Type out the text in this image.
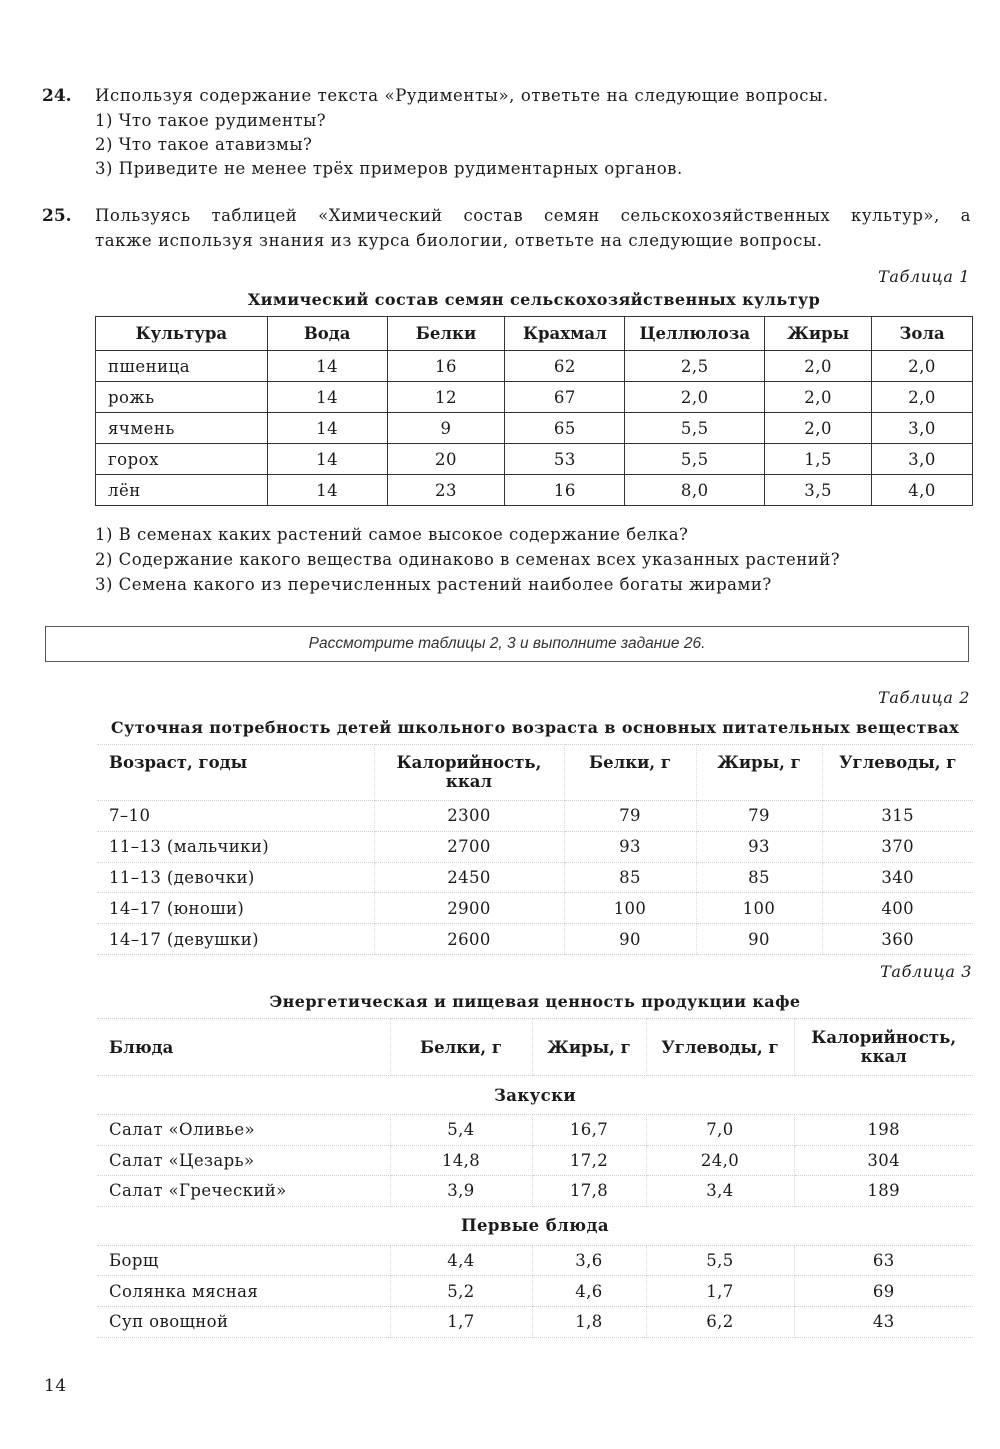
24. Используя содержание текста «Рудименты», ответьте на следующие вопросы.
1) Что такое рудименты?
2) Что такое атавизмы?
3) Приведите не менее трёх примеров рудиментарных органов.
25. Пользуясь таблицей «Химический состав семян сельскохозяйственных культур», а
также используя знания из курса биологии, ответьте на следующие вопросы.
Таблица 1
Химический состав семян сельскохозяйственных культур
Культура	Вода	Белки	Крахмал	Целлюлоза	Жиры	Зола
пшеница	14	16	62	2,5	2,0	2,0
рожь	14	12	67	2,0	2,0	2,0
ячмень	14	9	65	5,5	2,0	3,0
горох	14	20	53	5,5	1,5	3,0
лён	14	23	16	8,0	3,5	4,0
1) В семенах каких растений самое высокое содержание белка?
2) Содержание какого вещества одинаково в семенах всех указанных растений?
3) Семена какого из перечисленных растений наиболее богаты жирами?
Рассмотрите таблицы 2, 3 и выполните задание 26.
Таблица 2
Суточная потребность детей школьного возраста в основных питательных веществах
Возраст, годы	Калорийность, ккал	Белки, г	Жиры, г	Углеводы, г
7–10	2300	79	79	315
11–13 (мальчики)	2700	93	93	370
11–13 (девочки)	2450	85	85	340
14–17 (юноши)	2900	100	100	400
14–17 (девушки)	2600	90	90	360
Таблица 3
Энергетическая и пищевая ценность продукции кафе
Блюда	Белки, г	Жиры, г	Углеводы, г	Калорийность, ккал
Закуски				
Салат «Оливье»	5,4	16,7	7,0	198
Салат «Цезарь»	14,8	17,2	24,0	304
Салат «Греческий»	3,9	17,8	3,4	189
Первые блюда				
Борщ	4,4	3,6	5,5	63
Солянка мясная	5,2	4,6	1,7	69
Суп овощной	1,7	1,8	6,2	43
14
